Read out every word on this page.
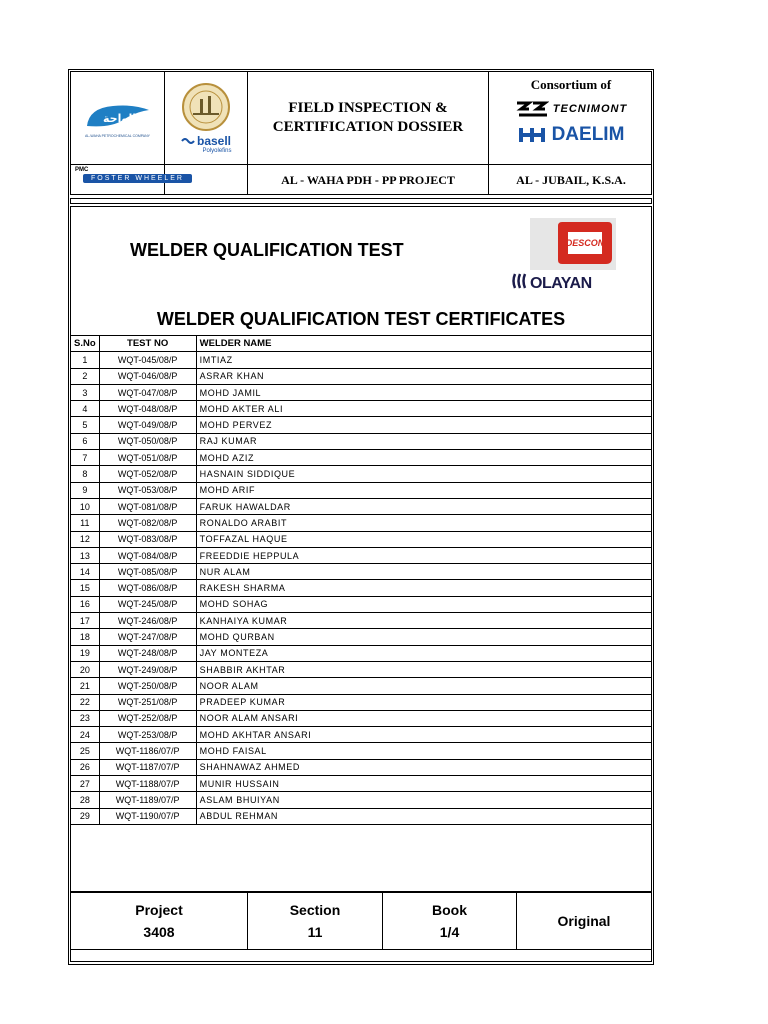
الواحة
AL-WAHA PETROCHEMICAL COMPANY	basell
Polyolefins
FIELD INSPECTION &
CERTIFICATION DOSSIER
Consortium of
TECNIMONT
DAELIM
PMC
FOSTER WHEELER	AL - WAHA PDH - PP PROJECT	AL - JUBAIL, K.S.A.
WELDER QUALIFICATION TEST	DESCON
OLAYAN
WELDER QUALIFICATION TEST CERTIFICATES
S.No	TEST NO	WELDER NAME
1	WQT-045/08/P	IMTIAZ
2	WQT-046/08/P	ASRAR KHAN
3	WQT-047/08/P	MOHD JAMIL
4	WQT-048/08/P	MOHD AKTER ALI
5	WQT-049/08/P	MOHD PERVEZ
6	WQT-050/08/P	RAJ KUMAR
7	WQT-051/08/P	MOHD AZIZ
8	WQT-052/08/P	HASNAIN SIDDIQUE
9	WQT-053/08/P	MOHD ARIF
10	WQT-081/08/P	FARUK HAWALDAR
11	WQT-082/08/P	RONALDO ARABIT
12	WQT-083/08/P	TOFFAZAL HAQUE
13	WQT-084/08/P	FREEDDIE HEPPULA
14	WQT-085/08/P	NUR ALAM
15	WQT-086/08/P	RAKESH SHARMA
16	WQT-245/08/P	MOHD SOHAG
17	WQT-246/08/P	KANHAIYA KUMAR
18	WQT-247/08/P	MOHD QURBAN
19	WQT-248/08/P	JAY MONTEZA
20	WQT-249/08/P	SHABBIR AKHTAR
21	WQT-250/08/P	NOOR ALAM
22	WQT-251/08/P	PRADEEP KUMAR
23	WQT-252/08/P	NOOR ALAM ANSARI
24	WQT-253/08/P	MOHD AKHTAR ANSARI
25	WQT-1186/07/P	MOHD FAISAL
26	WQT-1187/07/P	SHAHNAWAZ AHMED
27	WQT-1188/07/P	MUNIR HUSSAIN
28	WQT-1189/07/P	ASLAM BHUIYAN
29	WQT-1190/07/P	ABDUL REHMAN
Project
3408
Section
11
Book
1/4
Original
